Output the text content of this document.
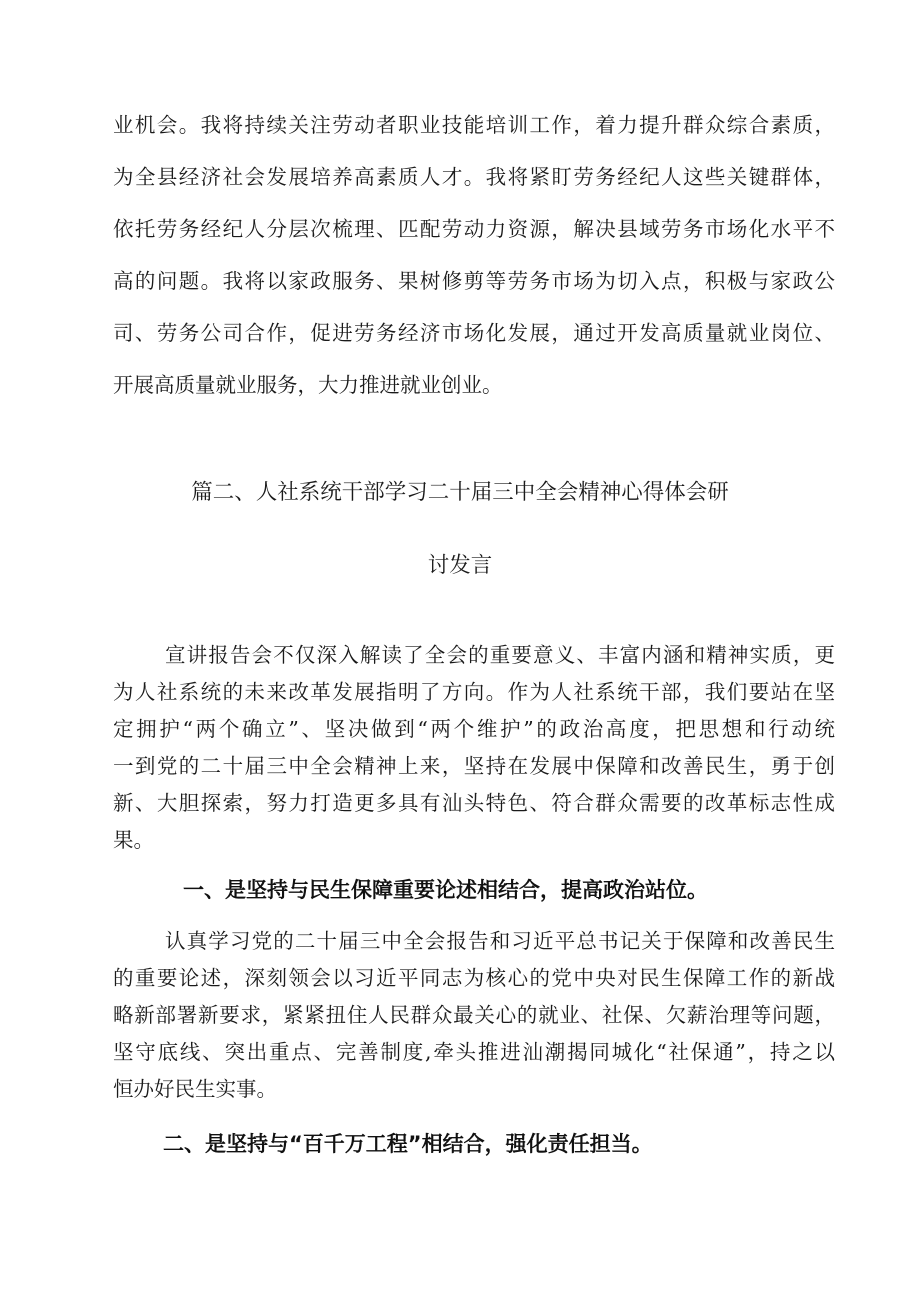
业机会。我将持续关注劳动者职业技能培训工作，着力提升群众综合素质，
为全县经济社会发展培养高素质人才。我将紧盯劳务经纪人这些关键群体，
依托劳务经纪人分层次梳理、匹配劳动力资源，解决县域劳务市场化水平不
高的问题。我将以家政服务、果树修剪等劳务市场为切入点，积极与家政公
司、劳务公司合作，促进劳务经济市场化发展，通过开发高质量就业岗位、
开展高质量就业服务，大力推进就业创业。
篇二、人社系统干部学习二十届三中全会精神心得体会研
讨发言
宣讲报告会不仅深入解读了全会的重要意义、丰富内涵和精神实质，更
为人社系统的未来改革发展指明了方向。作为人社系统干部，我们要站在坚
定拥护“两个确立”、坚决做到“两个维护”的政治高度，把思想和行动统
一到党的二十届三中全会精神上来，坚持在发展中保障和改善民生，勇于创
新、大胆探索，努力打造更多具有汕头特色、符合群众需要的改革标志性成
果。
一、是坚持与民生保障重要论述相结合，提高政治站位。
认真学习党的二十届三中全会报告和习近平总书记关于保障和改善民生
的重要论述，深刻领会以习近平同志为核心的党中央对民生保障工作的新战
略新部署新要求，紧紧扭住人民群众最关心的就业、社保、欠薪治理等问题，
坚守底线、突出重点、完善制度,牵头推进汕潮揭同城化“社保通”，持之以
恒办好民生实事。
二、是坚持与“百千万工程”相结合，强化责任担当。
